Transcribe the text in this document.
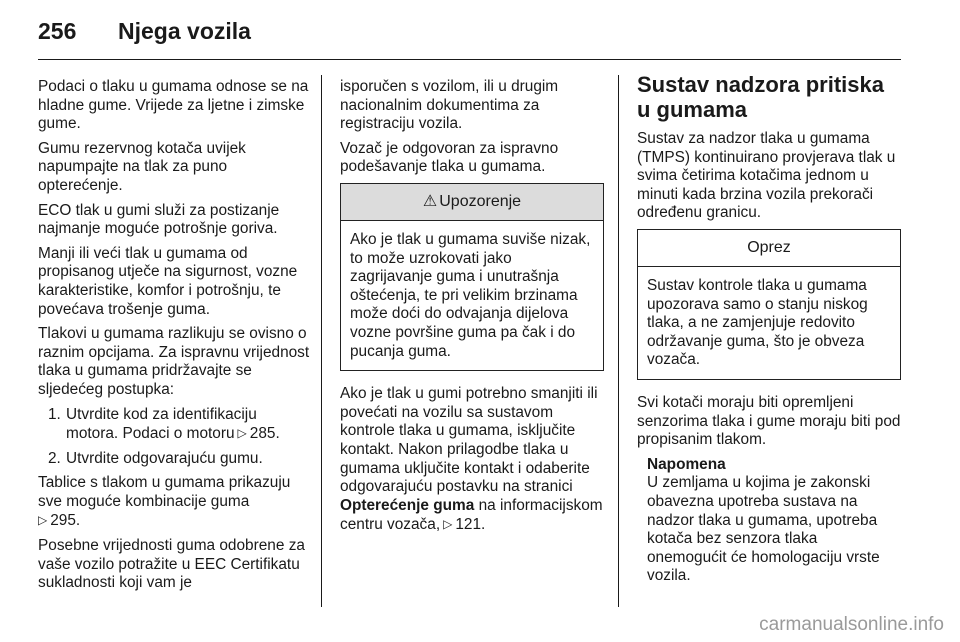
256 Njega vozila

Podaci o tlaku u gumama odnose se na hladne gume. Vrijede za ljetne i zimske gume.

Gumu rezervnog kotača uvijek napumpajte na tlak za puno opterećenje.

ECO tlak u gumi služi za postizanje najmanje moguće potrošnje goriva.

Manji ili veći tlak u gumama od propisanog utječe na sigurnost, vozne karakteristike, komfor i potrošnju, te povećava trošenje guma.

Tlakovi u gumama razlikuju se ovisno o raznim opcijama. Za ispravnu vrijednost tlaka u gumama pridržavajte se sljedećeg postupka:

1. Utvrdite kod za identifikaciju motora. Podaci o motoru ▷ 285.
2. Utvrdite odgovarajuću gumu.

Tablice s tlakom u gumama prikazuju sve moguće kombinacije guma
▷ 295.

Posebne vrijednosti guma odobrene za vaše vozilo potražite u EEC Certifikatu sukladnosti koji vam je

isporučen s vozilom, ili u drugim nacionalnim dokumentima za registraciju vozila.

Vozač je odgovoran za ispravno podešavanje tlaka u gumama.

⚠ Upozorenje
Ako je tlak u gumama suviše nizak, to može uzrokovati jako zagrijavanje guma i unutrašnja oštećenja, te pri velikim brzinama može doći do odvajanja dijelova vozne površine guma pa čak i do pucanja guma.

Ako je tlak u gumi potrebno smanjiti ili povećati na vozilu sa sustavom kontrole tlaka u gumama, isključite kontakt. Nakon prilagodbe tlaka u gumama uključite kontakt i odaberite odgovarajuću postavku na stranici
Opterećenje guma na informacijskom centru vozača, ▷ 121.

Sustav nadzora pritiska u gumama

Sustav za nadzor tlaka u gumama (TMPS) kontinuirano provjerava tlak u svima četirima kotačima jednom u minuti kada brzina vozila prekorači određenu granicu.

Oprez
Sustav kontrole tlaka u gumama upozorava samo o stanju niskog tlaka, a ne zamjenjuje redovito održavanje guma, što je obveza vozača.

Svi kotači moraju biti opremljeni senzorima tlaka i gume moraju biti pod propisanim tlakom.

Napomena
U zemljama u kojima je zakonski obavezna upotreba sustava na nadzor tlaka u gumama, upotreba kotača bez senzora tlaka onemogućit će homologaciju vrste vozila.
carmanualsonline.info
